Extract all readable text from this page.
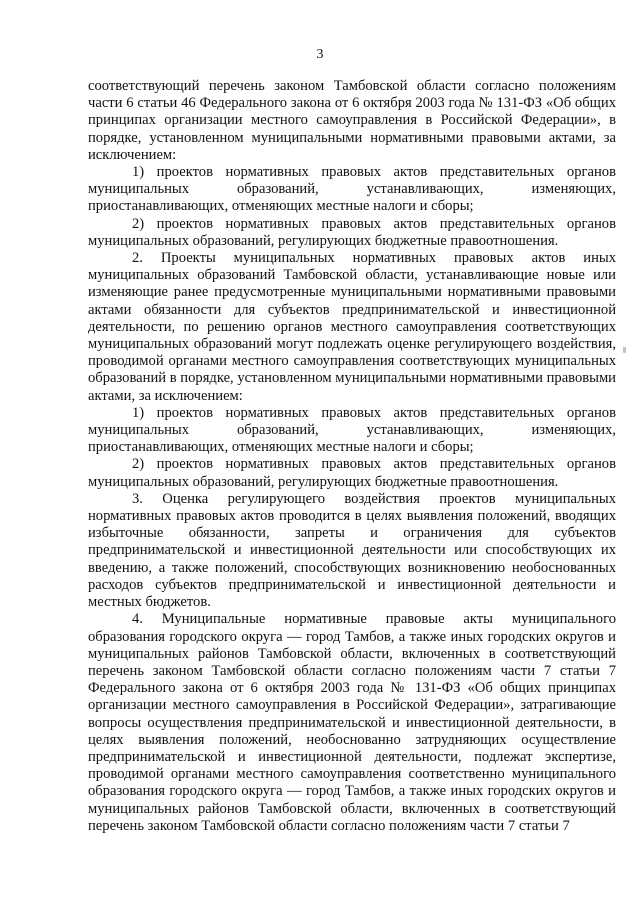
3

соответствующий перечень законом Тамбовской области согласно положениям части 6 статьи 46 Федерального закона от 6 октября 2003 года № 131-ФЗ «Об общих принципах организации местного самоуправления в Российской Федерации», в порядке, установленном муниципальными нормативными правовыми актами, за исключением:

1) проектов нормативных правовых актов представительных органов муниципальных образований, устанавливающих, изменяющих, приостанавливающих, отменяющих местные налоги и сборы;

2) проектов нормативных правовых актов представительных органов муниципальных образований, регулирующих бюджетные правоотношения.

2. Проекты муниципальных нормативных правовых актов иных муниципальных образований Тамбовской области, устанавливающие новые или изменяющие ранее предусмотренные муниципальными нормативными правовыми актами обязанности для субъектов предпринимательской и инвестиционной деятельности, по решению органов местного самоуправления соответствующих муниципальных образований могут подлежать оценке регулирующего воздействия, проводимой органами местного самоуправления соответствующих муниципальных образований в порядке, установленном муниципальными нормативными правовыми актами, за исключением:

1) проектов нормативных правовых актов представительных органов муниципальных образований, устанавливающих, изменяющих, приостанавливающих, отменяющих местные налоги и сборы;

2) проектов нормативных правовых актов представительных органов муниципальных образований, регулирующих бюджетные правоотношения.

3. Оценка регулирующего воздействия проектов муниципальных нормативных правовых актов проводится в целях выявления положений, вводящих избыточные обязанности, запреты и ограничения для субъектов предпринимательской и инвестиционной деятельности или способствующих их введению, а также положений, способствующих возникновению необоснованных расходов субъектов предпринимательской и инвестиционной деятельности и местных бюджетов.

4. Муниципальные нормативные правовые акты муниципального образования городского округа — город Тамбов, а также иных городских округов и муниципальных районов Тамбовской области, включенных в соответствующий перечень законом Тамбовской области согласно положениям части 7 статьи 7 Федерального закона от 6 октября 2003 года № 131-ФЗ «Об общих принципах организации местного самоуправления в Российской Федерации», затрагивающие вопросы осуществления предпринимательской и инвестиционной деятельности, в целях выявления положений, необоснованно затрудняющих осуществление предпринимательской и инвестиционной деятельности, подлежат экспертизе, проводимой органами местного самоуправления соответственно муниципального образования городского округа — город Тамбов, а также иных городских округов и муниципальных районов Тамбовской области, включенных в соответствующий перечень законом Тамбовской области согласно положениям части 7 статьи 7
